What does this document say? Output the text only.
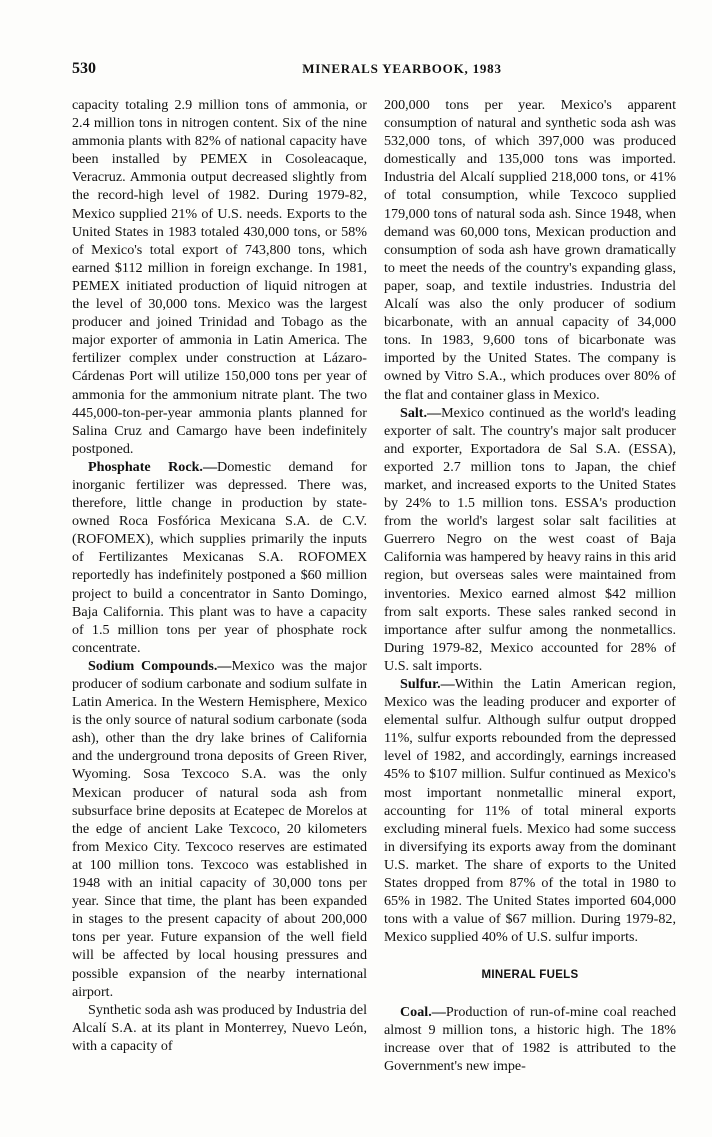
530	MINERALS YEARBOOK, 1983

capacity totaling 2.9 million tons of ammonia, or 2.4 million tons in nitrogen content. Six of the nine ammonia plants with 82% of national capacity have been installed by PEMEX in Cosoleacaque, Veracruz. Ammonia output decreased slightly from the record-high level of 1982. During 1979-82, Mexico supplied 21% of U.S. needs. Exports to the United States in 1983 totaled 430,000 tons, or 58% of Mexico's total export of 743,800 tons, which earned $112 million in foreign exchange. In 1981, PEMEX initiated production of liquid nitrogen at the level of 30,000 tons. Mexico was the largest producer and joined Trinidad and Tobago as the major exporter of ammonia in Latin America. The fertilizer complex under construction at Lázaro-Cárdenas Port will utilize 150,000 tons per year of ammonia for the ammonium nitrate plant. The two 445,000-ton-per-year ammonia plants planned for Salina Cruz and Camargo have been indefinitely postponed.

Phosphate Rock.—Domestic demand for inorganic fertilizer was depressed. There was, therefore, little change in production by state-owned Roca Fosfórica Mexicana S.A. de C.V. (ROFOMEX), which supplies primarily the inputs of Fertilizantes Mexicanas S.A. ROFOMEX reportedly has indefinitely postponed a $60 million project to build a concentrator in Santo Domingo, Baja California. This plant was to have a capacity of 1.5 million tons per year of phosphate rock concentrate.

Sodium Compounds.—Mexico was the major producer of sodium carbonate and sodium sulfate in Latin America. In the Western Hemisphere, Mexico is the only source of natural sodium carbonate (soda ash), other than the dry lake brines of California and the underground trona deposits of Green River, Wyoming. Sosa Texcoco S.A. was the only Mexican producer of natural soda ash from subsurface brine deposits at Ecatepec de Morelos at the edge of ancient Lake Texcoco, 20 kilometers from Mexico City. Texcoco reserves are estimated at 100 million tons. Texcoco was established in 1948 with an initial capacity of 30,000 tons per year. Since that time, the plant has been expanded in stages to the present capacity of about 200,000 tons per year. Future expansion of the well field will be affected by local housing pressures and possible expansion of the nearby international airport.

Synthetic soda ash was produced by Industria del Alcalí S.A. at its plant in Monterrey, Nuevo León, with a capacity of

200,000 tons per year. Mexico's apparent consumption of natural and synthetic soda ash was 532,000 tons, of which 397,000 was produced domestically and 135,000 tons was imported. Industria del Alcalí supplied 218,000 tons, or 41% of total consumption, while Texcoco supplied 179,000 tons of natural soda ash. Since 1948, when demand was 60,000 tons, Mexican production and consumption of soda ash have grown dramatically to meet the needs of the country's expanding glass, paper, soap, and textile industries. Industria del Alcalí was also the only producer of sodium bicarbonate, with an annual capacity of 34,000 tons. In 1983, 9,600 tons of bicarbonate was imported by the United States. The company is owned by Vitro S.A., which produces over 80% of the flat and container glass in Mexico.

Salt.—Mexico continued as the world's leading exporter of salt. The country's major salt producer and exporter, Exportadora de Sal S.A. (ESSA), exported 2.7 million tons to Japan, the chief market, and increased exports to the United States by 24% to 1.5 million tons. ESSA's production from the world's largest solar salt facilities at Guerrero Negro on the west coast of Baja California was hampered by heavy rains in this arid region, but overseas sales were maintained from inventories. Mexico earned almost $42 million from salt exports. These sales ranked second in importance after sulfur among the nonmetallics. During 1979-82, Mexico accounted for 28% of U.S. salt imports.

Sulfur.—Within the Latin American region, Mexico was the leading producer and exporter of elemental sulfur. Although sulfur output dropped 11%, sulfur exports rebounded from the depressed level of 1982, and accordingly, earnings increased 45% to $107 million. Sulfur continued as Mexico's most important nonmetallic mineral export, accounting for 11% of total mineral exports excluding mineral fuels. Mexico had some success in diversifying its exports away from the dominant U.S. market. The share of exports to the United States dropped from 87% of the total in 1980 to 65% in 1982. The United States imported 604,000 tons with a value of $67 million. During 1979-82, Mexico supplied 40% of U.S. sulfur imports.

MINERAL FUELS

Coal.—Production of run-of-mine coal reached almost 9 million tons, a historic high. The 18% increase over that of 1982 is attributed to the Government's new impe-
